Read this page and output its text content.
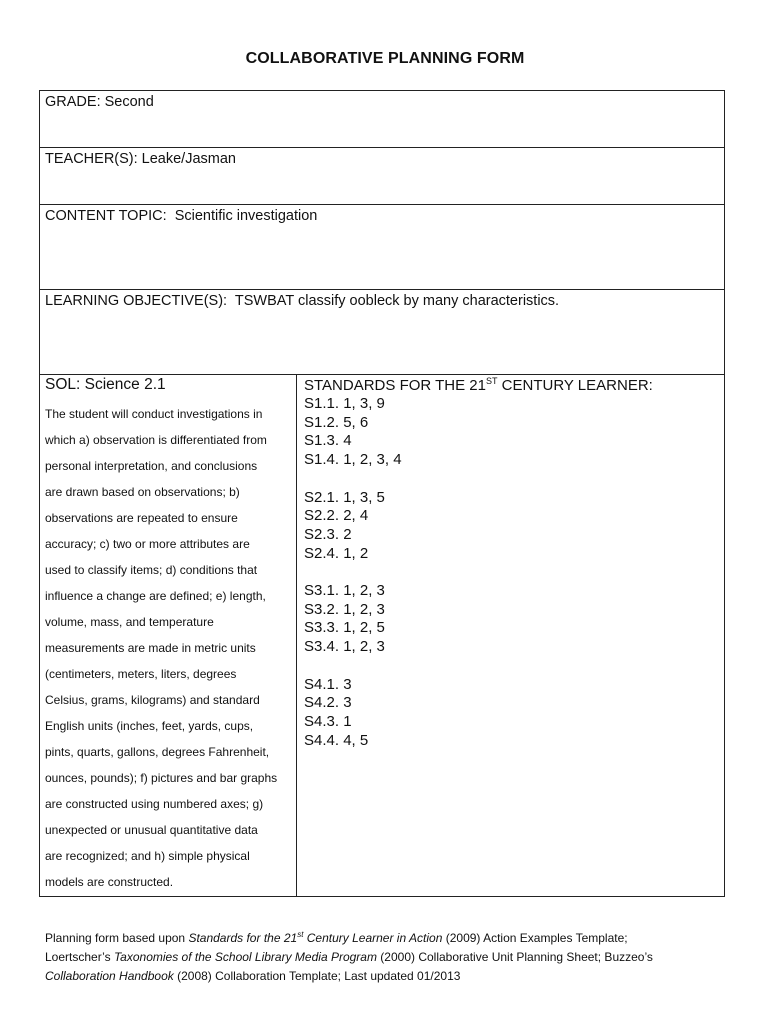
COLLABORATIVE PLANNING FORM
GRADE: Second
TEACHER(S): Leake/Jasman
CONTENT TOPIC:  Scientific investigation
LEARNING OBJECTIVE(S):  TSWBAT classify oobleck by many characteristics.
SOL: Science 2.1
The student will conduct investigations in
which a) observation is differentiated from
personal interpretation, and conclusions
are drawn based on observations; b)
observations are repeated to ensure
accuracy; c) two or more attributes are
used to classify items; d) conditions that
influence a change are defined; e) length,
volume, mass, and temperature
measurements are made in metric units
(centimeters, meters, liters, degrees
Celsius, grams, kilograms) and standard
English units (inches, feet, yards, cups,
pints, quarts, gallons, degrees Fahrenheit,
ounces, pounds); f) pictures and bar graphs
are constructed using numbered axes; g)
unexpected or unusual quantitative data
are recognized; and h) simple physical
models are constructed.
STANDARDS FOR THE 21ST CENTURY LEARNER:
S1.1. 1, 3, 9
S1.2. 5, 6
S1.3. 4
S1.4. 1, 2, 3, 4
S2.1. 1, 3, 5
S2.2. 2, 4
S2.3. 2
S2.4. 1, 2
S3.1. 1, 2, 3
S3.2. 1, 2, 3
S3.3. 1, 2, 5
S3.4. 1, 2, 3
S4.1. 3
S4.2. 3
S4.3. 1
S4.4. 4, 5
Planning form based upon Standards for the 21st Century Learner in Action (2009) Action Examples Template;
Loertscher’s Taxonomies of the School Library Media Program (2000) Collaborative Unit Planning Sheet; Buzzeo’s
Collaboration Handbook (2008) Collaboration Template; Last updated 01/2013
